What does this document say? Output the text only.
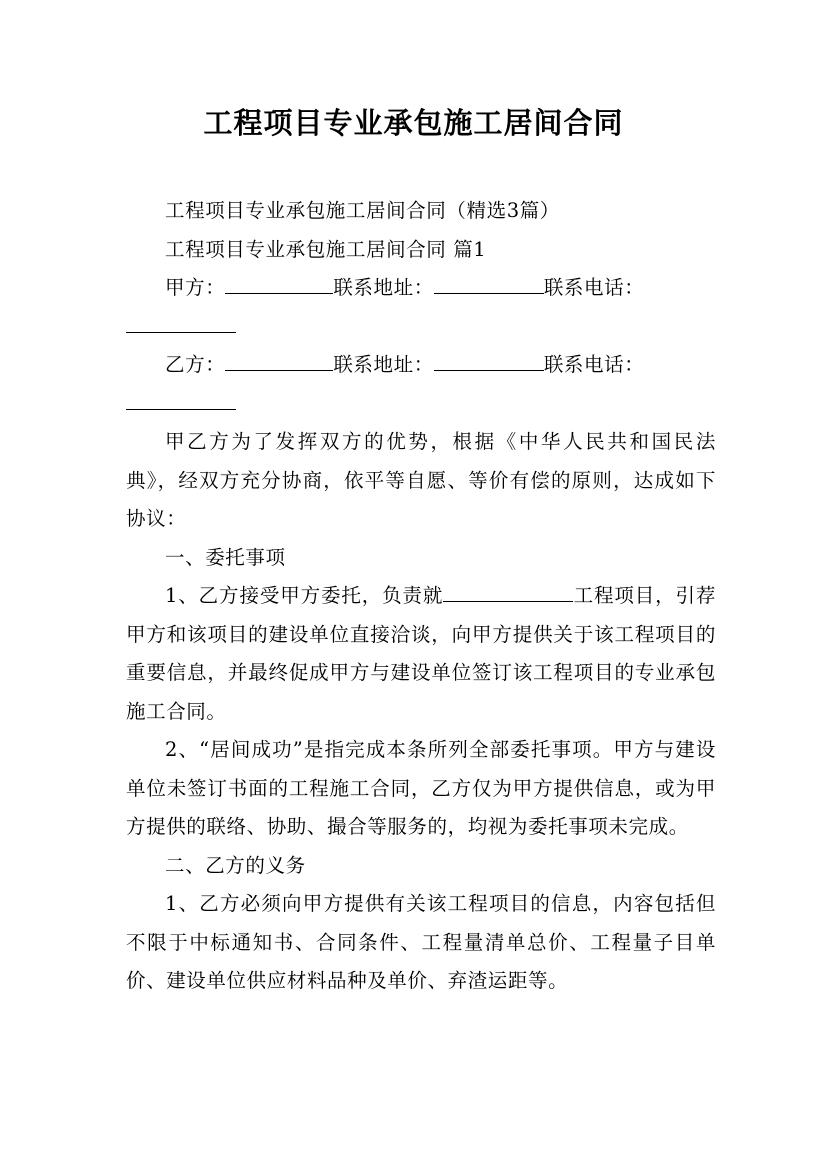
工程项目专业承包施工居间合同

工程项目专业承包施工居间合同（精选3篇）

工程项目专业承包施工居间合同 篇1

甲方：	联系地址：	联系电话：
乙方：	联系地址：	联系电话：

甲乙方为了发挥双方的优势，根据《中华人民共和国民法典》，经双方充分协商，依平等自愿、等价有偿的原则，达成如下协议：

一、委托事项

1、乙方接受甲方委托，负责就	工程项目，引荐甲方和该项目的建设单位直接洽谈，向甲方提供关于该工程项目的重要信息，并最终促成甲方与建设单位签订该工程项目的专业承包施工合同。

2、“居间成功”是指完成本条所列全部委托事项。甲方与建设单位未签订书面的工程施工合同，乙方仅为甲方提供信息，或为甲方提供的联络、协助、撮合等服务的，均视为委托事项未完成。

二、乙方的义务

1、乙方必须向甲方提供有关该工程项目的信息，内容包括但不限于中标通知书、合同条件、工程量清单总价、工程量子目单价、建设单位供应材料品种及单价、弃渣运距等。
